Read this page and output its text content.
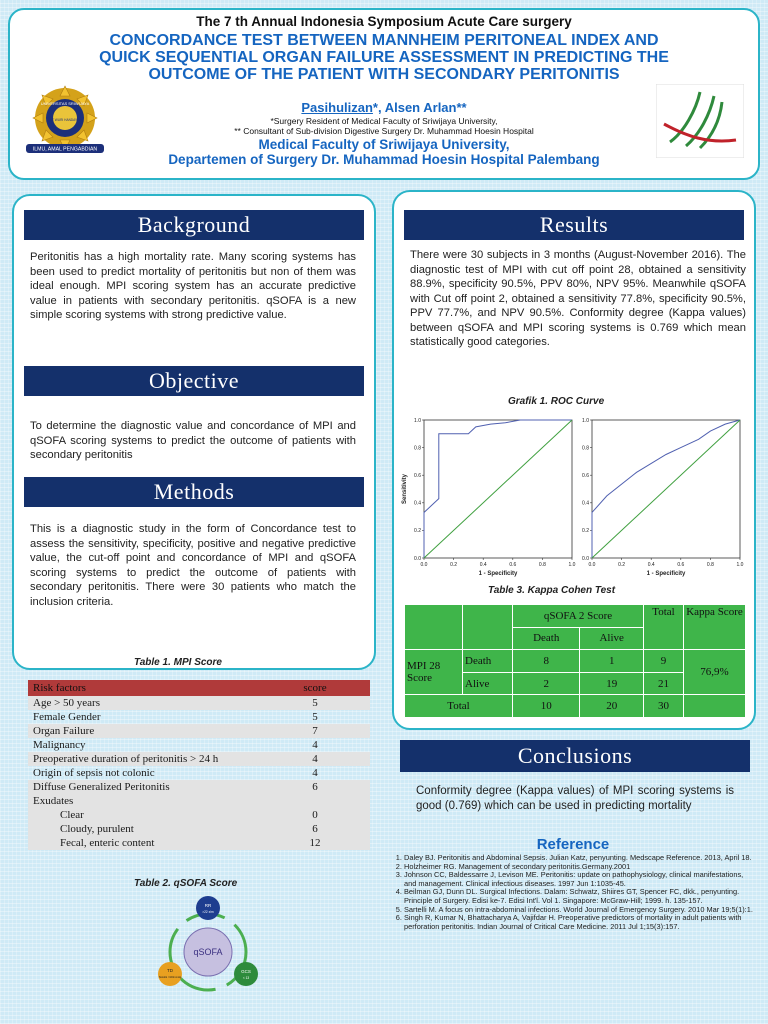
The 7 th Annual Indonesia Symposium Acute Care surgery
CONCORDANCE TEST BETWEEN MANNHEIM PERITONEAL INDEX AND
QUICK SEQUENTIAL ORGAN FAILURE ASSESSMENT IN PREDICTING THE
OUTCOME OF THE PATIENT WITH SECONDARY PERITONITIS
UNIVERSITAS SRIWIJAYA
TUT WURI HANDAYANI
ILMU, AMAL PENGABDIAN
Pasihulizan*, Alsen Arlan**
*Surgery Resident of Medical Faculty of Sriwijaya University,
** Consultant of Sub-division Digestive Surgery Dr. Muhammad Hoesin Hospital
Medical Faculty of Sriwijaya University,
Departemen of Surgery Dr. Muhammad Hoesin Hospital Palembang
Background
Peritonitis has a high mortality rate. Many scoring systems has been used to predict mortality of peritonitis but non of them was ideal enough. MPI scoring system has an accurate predictive value in patients with secondary peritonitis. qSOFA is a new simple scoring systems with strong predictive value.
Objective
To determine the diagnostic value and concordance of MPI and qSOFA scoring systems to predict the outcome of patients with secondary peritonitis
Methods
This is a diagnostic study in the form of Concordance test to assess the sensitivity, specificity, positive and negative predictive value, the cut-off point and concordance of MPI and qSOFA scoring systems to predict the outcome of patients with secondary peritonitis. There were 30 patients who match the inclusion criteria.
Table 1. MPI Score
Risk factors	score
Age > 50 years	5
Female Gender	5
Organ Failure	7
Malignancy	4
Preoperative duration of peritonitis > 24 h	4
Origin of sepsis not colonic	4
Diffuse Generalized Peritonitis	6
Exudates	
Clear	0
Cloudy, purulent	6
Fecal, enteric content	12
Table 2. qSOFA Score
qSOFA
RR
>22 x/m
GCS
< 13
TD
Sistolik <100mmHg
Results
There were 30 subjects in 3 months (August-November 2016). The diagnostic test of MPI with cut off point 28, obtained a sensitivity 88.9%, specificity 90.5%, PPV 80%, NPV 95%. Meanwhile qSOFA with Cut off point 2, obtained a sensitivity 77.8%, specificity 90.5%, PPV 77.7%, and NPV 90.5%. Conformity degree (Kappa values) between qSOFA and MPI scoring systems is 0.769 which mean statistically good categories.
Grafik 1. ROC Curve
0.0	0.2	0.4	0.6	0.8	1.0
0.0
0.2
0.4
0.6
0.8
1.0
1 - Specificity
Sensitivity
0.0	0.2	0.4	0.6	0.8	1.0
0.0
0.2
0.4
0.6
0.8
1.0
1 - Specificity
Table 3. Kappa Cohen Test
		qSOFA 2 Score		Total	Kappa Score
		Death	Alive		
MPI 28 Score	Death	8	1	9	76,9%
	Alive	2	19	21	
Total		10	20	30	
Conclusions
Conformity degree (Kappa values) of MPI scoring systems is good (0.769) which can be used in predicting mortality
Reference
1. Daley BJ. Peritonitis and Abdominal Sepsis. Julian Katz, penyunting. Medscape Reference. 2013, April 18.
2. Holzheimer RG. Management of secondary peritonitis.Germany.2001
3. Johnson CC, Baldessarre J, Levison ME. Peritonitis: update on pathophysiology, clinical manifestations, and management. Clinical infectious diseases. 1997 Jun 1:1035-45.
4. Beilman GJ, Dunn DL. Surgical Infections. Dalam: Schwatz, Shiires GT, Spencer FC, dkk., penyunting. Principle of Surgery. Edisi ke-7. Edisi Int'l. Vol 1. Singapore: McGraw-Hill; 1999. h. 135-157.
5. Sartelli M. A focus on intra-abdominal infections. World Journal of Emergency Surgery. 2010 Mar 19;5(1):1.
6. Singh R, Kumar N, Bhattacharya A, Vajifdar H. Preoperative predictors of mortality in adult patients with perforation peritonitis. Indian Journal of Critical Care Medicine. 2011 Jul 1;15(3):157.
